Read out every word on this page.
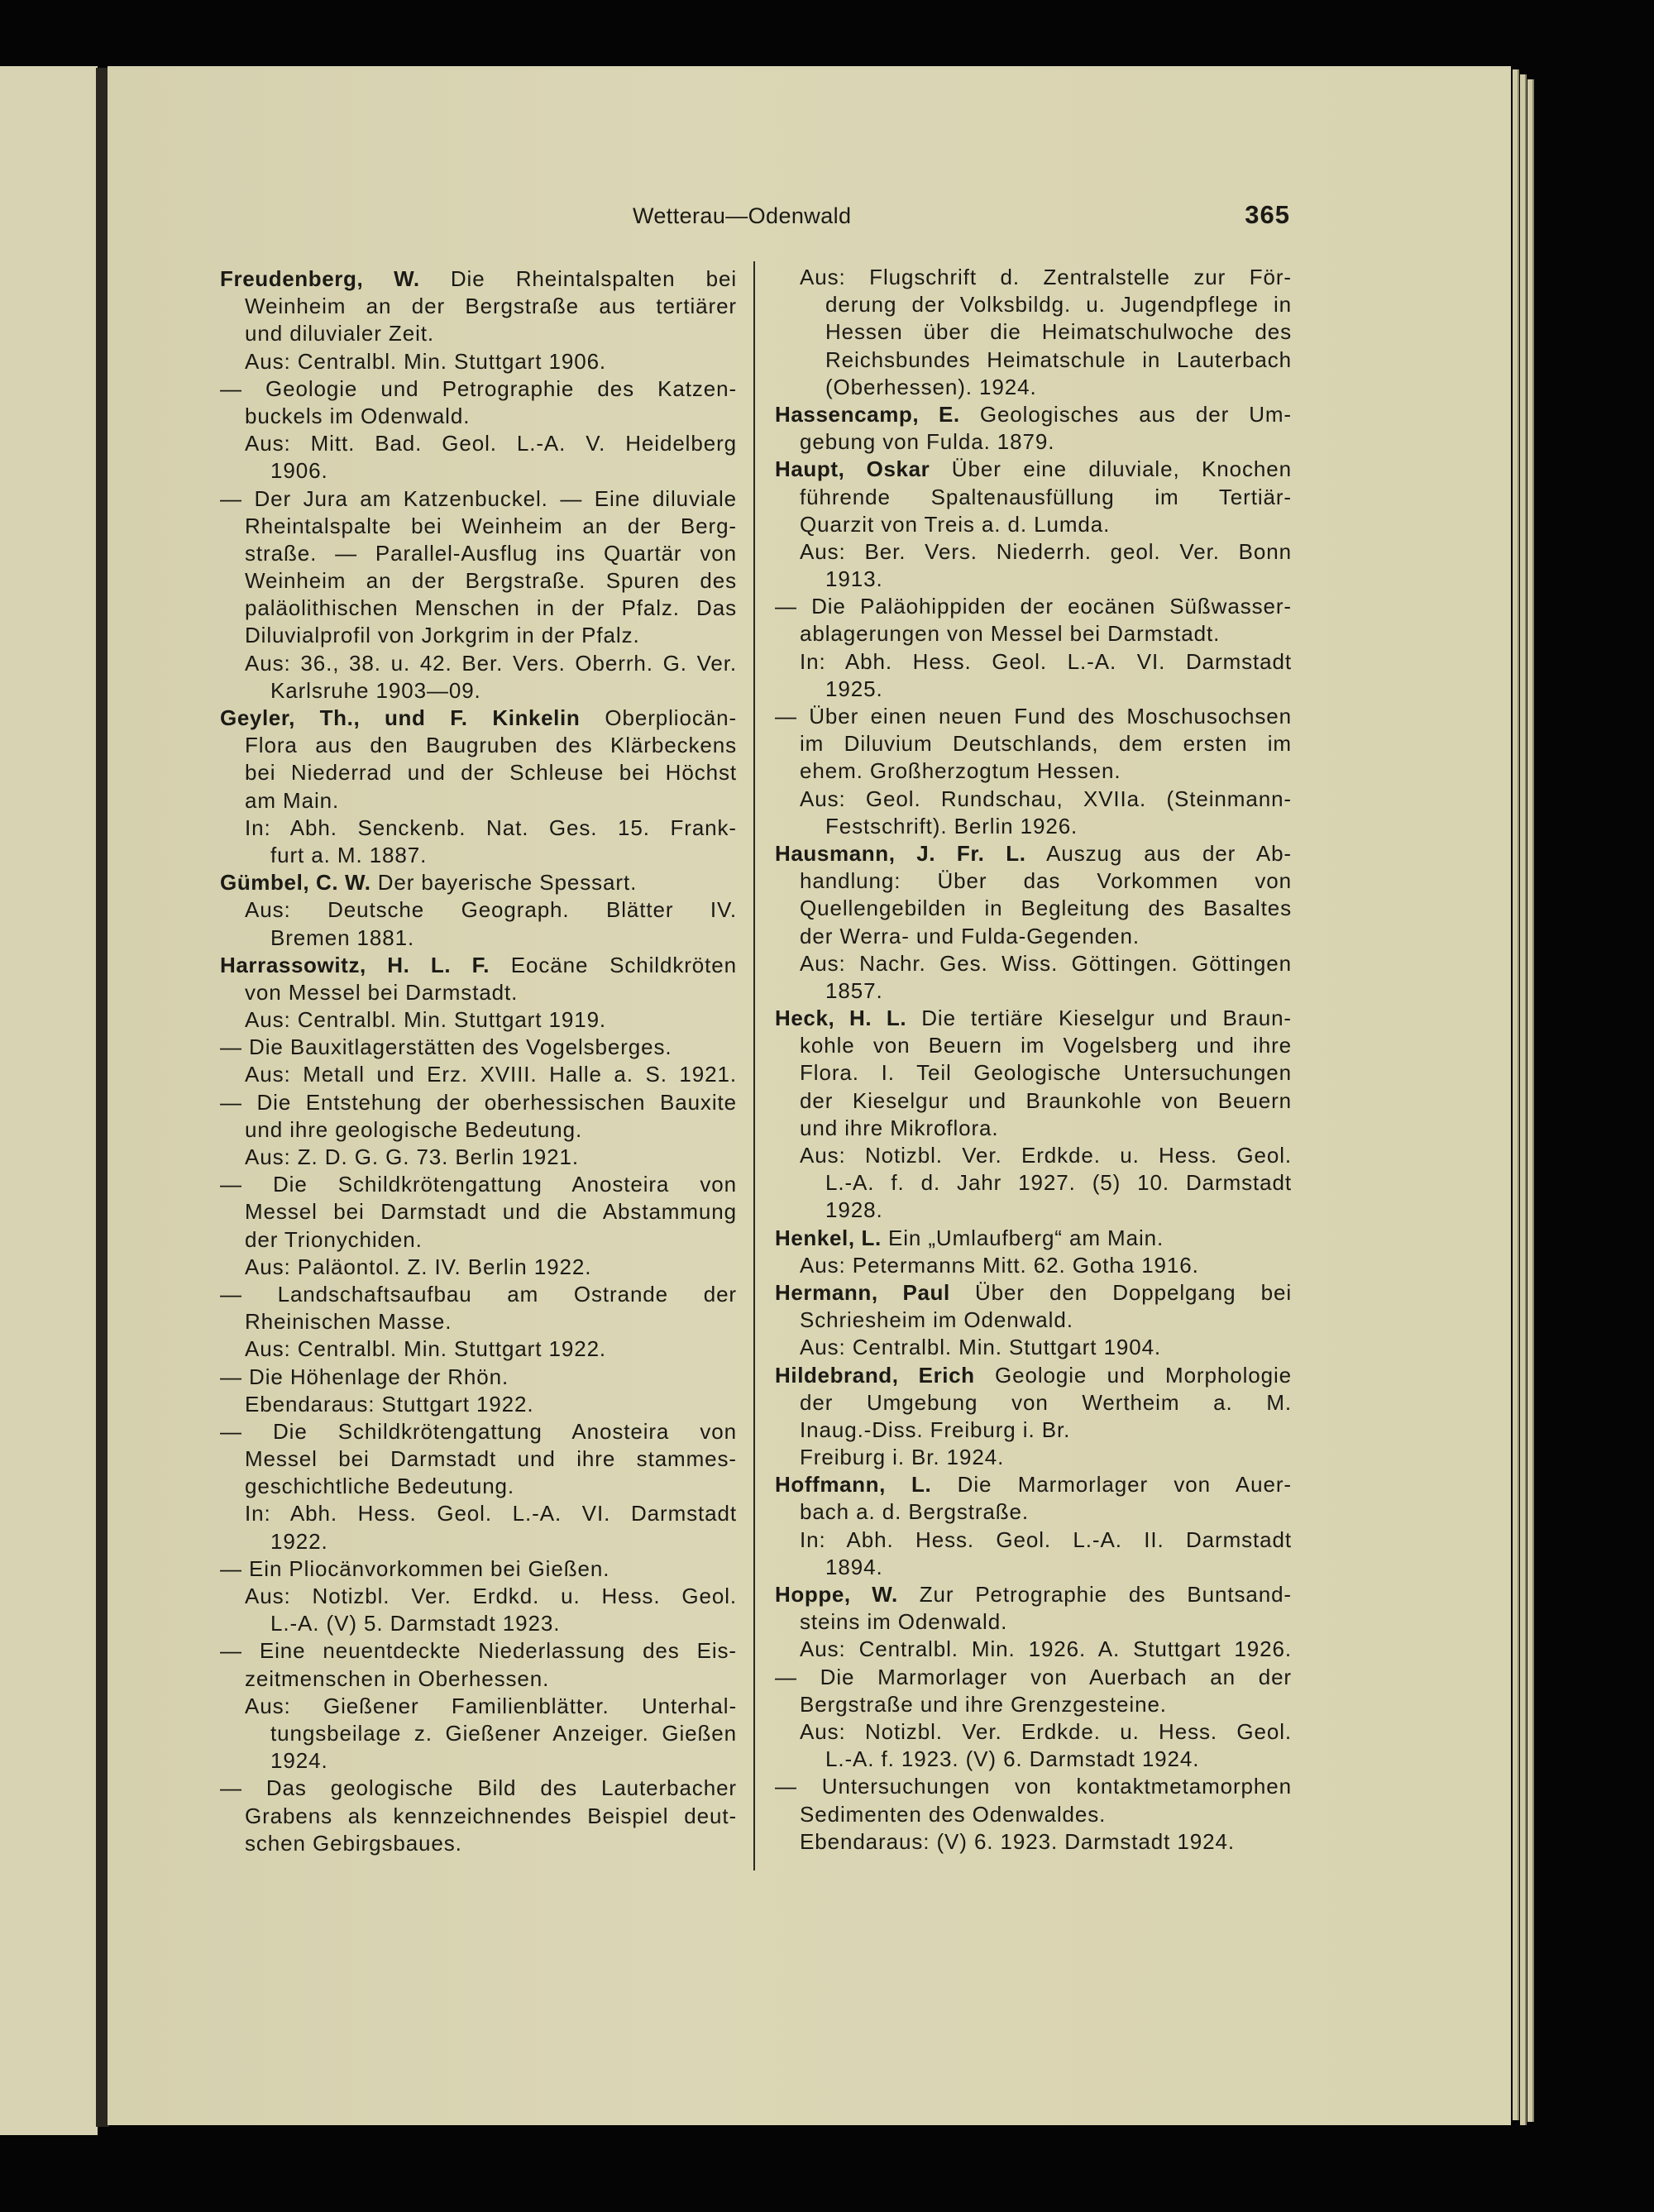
Wetterau—Odenwald	365
Freudenberg, W. Die Rheintalspalten bei
Weinheim an der Bergstraße aus tertiärer
und diluvialer Zeit.
Aus: Centralbl. Min. Stuttgart 1906.
— Geologie und Petrographie des Katzen-
buckels im Odenwald.
Aus: Mitt. Bad. Geol. L.-A. V. Heidelberg
1906.
— Der Jura am Katzenbuckel. — Eine diluviale
Rheintalspalte bei Weinheim an der Berg-
straße. — Parallel-Ausflug ins Quartär von
Weinheim an der Bergstraße. Spuren des
paläolithischen Menschen in der Pfalz. Das
Diluvialprofil von Jorkgrim in der Pfalz.
Aus: 36., 38. u. 42. Ber. Vers. Oberrh. G. Ver.
Karlsruhe 1903—09.
Geyler, Th., und F. Kinkelin Oberpliocän-
Flora aus den Baugruben des Klärbeckens
bei Niederrad und der Schleuse bei Höchst
am Main.
In: Abh. Senckenb. Nat. Ges. 15. Frank-
furt a. M. 1887.
Gümbel, C. W. Der bayerische Spessart.
Aus: Deutsche Geograph. Blätter IV.
Bremen 1881.
Harrassowitz, H. L. F. Eocäne Schildkröten
von Messel bei Darmstadt.
Aus: Centralbl. Min. Stuttgart 1919.
— Die Bauxitlagerstätten des Vogelsberges.
Aus: Metall und Erz. XVIII. Halle a. S. 1921.
— Die Entstehung der oberhessischen Bauxite
und ihre geologische Bedeutung.
Aus: Z. D. G. G. 73. Berlin 1921.
— Die Schildkrötengattung Anosteira von
Messel bei Darmstadt und die Abstammung
der Trionychiden.
Aus: Paläontol. Z. IV. Berlin 1922.
— Landschaftsaufbau am Ostrande der
Rheinischen Masse.
Aus: Centralbl. Min. Stuttgart 1922.
— Die Höhenlage der Rhön.
Ebendaraus: Stuttgart 1922.
— Die Schildkrötengattung Anosteira von
Messel bei Darmstadt und ihre stammes-
geschichtliche Bedeutung.
In: Abh. Hess. Geol. L.-A. VI. Darmstadt
1922.
— Ein Pliocänvorkommen bei Gießen.
Aus: Notizbl. Ver. Erdkd. u. Hess. Geol.
L.-A. (V) 5. Darmstadt 1923.
— Eine neuentdeckte Niederlassung des Eis-
zeitmenschen in Oberhessen.
Aus: Gießener Familienblätter. Unterhal-
tungsbeilage z. Gießener Anzeiger. Gießen
1924.
— Das geologische Bild des Lauterbacher
Grabens als kennzeichnendes Beispiel deut-
schen Gebirgsbaues.
Aus: Flugschrift d. Zentralstelle zur För-
derung der Volksbildg. u. Jugendpflege in
Hessen über die Heimatschulwoche des
Reichsbundes Heimatschule in Lauterbach
(Oberhessen). 1924.
Hassencamp, E. Geologisches aus der Um-
gebung von Fulda. 1879.
Haupt, Oskar Über eine diluviale, Knochen
führende Spaltenausfüllung im Tertiär-
Quarzit von Treis a. d. Lumda.
Aus: Ber. Vers. Niederrh. geol. Ver. Bonn
1913.
— Die Paläohippiden der eocänen Süßwasser-
ablagerungen von Messel bei Darmstadt.
In: Abh. Hess. Geol. L.-A. VI. Darmstadt
1925.
— Über einen neuen Fund des Moschusochsen
im Diluvium Deutschlands, dem ersten im
ehem. Großherzogtum Hessen.
Aus: Geol. Rundschau, XVIIa. (Steinmann-
Festschrift). Berlin 1926.
Hausmann, J. Fr. L. Auszug aus der Ab-
handlung: Über das Vorkommen von
Quellengebilden in Begleitung des Basaltes
der Werra- und Fulda-Gegenden.
Aus: Nachr. Ges. Wiss. Göttingen. Göttingen
1857.
Heck, H. L. Die tertiäre Kieselgur und Braun-
kohle von Beuern im Vogelsberg und ihre
Flora. I. Teil Geologische Untersuchungen
der Kieselgur und Braunkohle von Beuern
und ihre Mikroflora.
Aus: Notizbl. Ver. Erdkde. u. Hess. Geol.
L.-A. f. d. Jahr 1927. (5) 10. Darmstadt
1928.
Henkel, L. Ein „Umlaufberg“ am Main.
Aus: Petermanns Mitt. 62. Gotha 1916.
Hermann, Paul Über den Doppelgang bei
Schriesheim im Odenwald.
Aus: Centralbl. Min. Stuttgart 1904.
Hildebrand, Erich Geologie und Morphologie
der Umgebung von Wertheim a. M.
Inaug.-Diss. Freiburg i. Br.
Freiburg i. Br. 1924.
Hoffmann, L. Die Marmorlager von Auer-
bach a. d. Bergstraße.
In: Abh. Hess. Geol. L.-A. II. Darmstadt
1894.
Hoppe, W. Zur Petrographie des Buntsand-
steins im Odenwald.
Aus: Centralbl. Min. 1926. A. Stuttgart 1926.
— Die Marmorlager von Auerbach an der
Bergstraße und ihre Grenzgesteine.
Aus: Notizbl. Ver. Erdkde. u. Hess. Geol.
L.-A. f. 1923. (V) 6. Darmstadt 1924.
— Untersuchungen von kontaktmetamorphen
Sedimenten des Odenwaldes.
Ebendaraus: (V) 6. 1923. Darmstadt 1924.
